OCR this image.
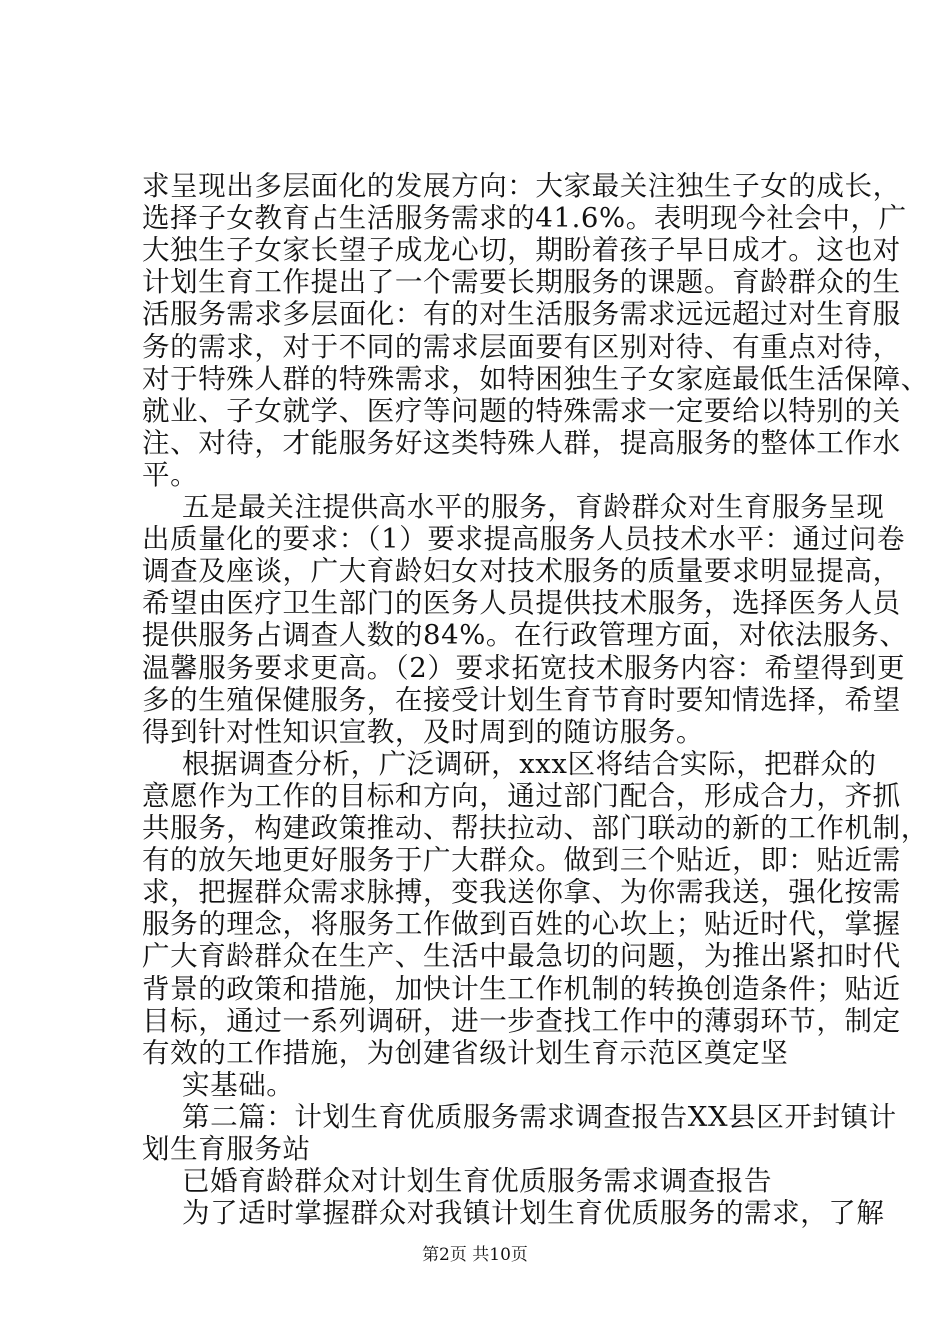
求呈现出多层面化的发展方向：大家最关注独生子女的成长，
选择子女教育占生活服务需求的41.6%。表明现今社会中，广
大独生子女家长望子成龙心切，期盼着孩子早日成才。这也对
计划生育工作提出了一个需要长期服务的课题。育龄群众的生
活服务需求多层面化：有的对生活服务需求远远超过对生育服
务的需求，对于不同的需求层面要有区别对待、有重点对待，
对于特殊人群的特殊需求，如特困独生子女家庭最低生活保障、
就业、子女就学、医疗等问题的特殊需求一定要给以特别的关
注、对待，才能服务好这类特殊人群，提高服务的整体工作水
平。
五是最关注提供高水平的服务，育龄群众对生育服务呈现
出质量化的要求：（1）要求提高服务人员技术水平：通过问卷
调查及座谈，广大育龄妇女对技术服务的质量要求明显提高，
希望由医疗卫生部门的医务人员提供技术服务，选择医务人员
提供服务占调查人数的84%。在行政管理方面，对依法服务、
温馨服务要求更高。（2）要求拓宽技术服务内容：希望得到更
多的生殖保健服务，在接受计划生育节育时要知情选择，希望
得到针对性知识宣教，及时周到的随访服务。
根据调查分析，广泛调研，xxx区将结合实际，把群众的
意愿作为工作的目标和方向，通过部门配合，形成合力，齐抓
共服务，构建政策推动、帮扶拉动、部门联动的新的工作机制，
有的放矢地更好服务于广大群众。做到三个贴近，即：贴近需
求，把握群众需求脉搏，变我送你拿、为你需我送，强化按需
服务的理念，将服务工作做到百姓的心坎上；贴近时代，掌握
广大育龄群众在生产、生活中最急切的问题，为推出紧扣时代
背景的政策和措施，加快计生工作机制的转换创造条件；贴近
目标，通过一系列调研，进一步查找工作中的薄弱环节，制定
有效的工作措施，为创建省级计划生育示范区奠定坚
实基础。
第二篇：计划生育优质服务需求调查报告XX县区开封镇计
划生育服务站
已婚育龄群众对计划生育优质服务需求调查报告
为了适时掌握群众对我镇计划生育优质服务的需求，了解
第2页 共10页
